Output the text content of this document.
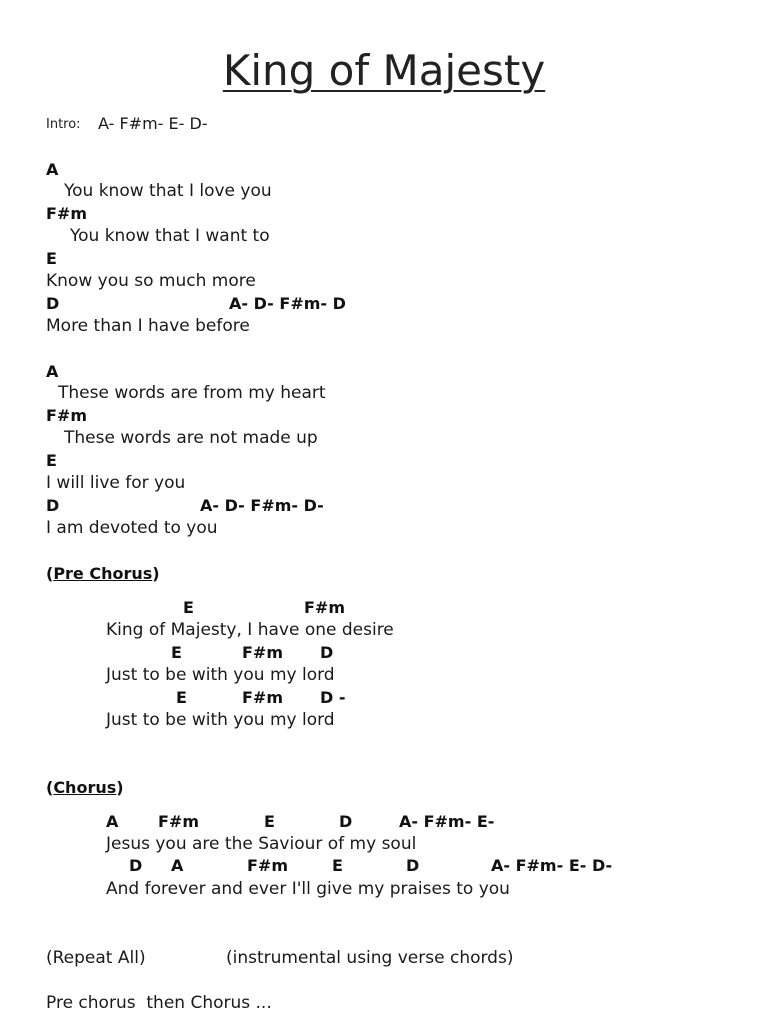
King of Majesty
Intro: A- F#m- E- D-
A
You know that I love you
F#m
You know that I want to
E
Know you so much more
D	A- D- F#m- D
More than I have before
A
These words are from my heart
F#m
These words are not made up
E
I will live for you
D	A- D- F#m- D-
I am devoted to you
(Pre Chorus)
E	F#m
King of Majesty, I have one desire
E	F#m D
Just to be with you my lord
E	F#m D -
Just to be with you my lord
(Chorus)
A F#m	E	D	A- F#m- E-
Jesus you are the Saviour of my soul
D A	F#m	E	D	A- F#m- E- D-
And forever and ever I'll give my praises to you
(Repeat All)	(instrumental using verse chords)
Pre chorus  then Chorus ...
